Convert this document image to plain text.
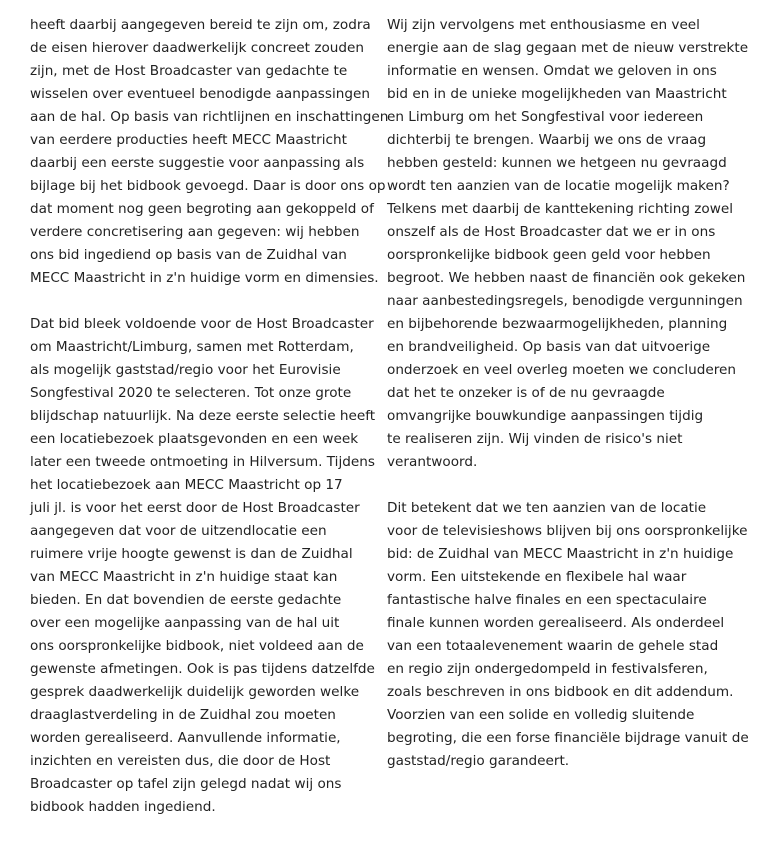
heeft daarbij aangegeven bereid te zijn om, zodra
de eisen hierover daadwerkelijk concreet zouden
zijn, met de Host Broadcaster van gedachte te
wisselen over eventueel benodigde aanpassingen
aan de hal. Op basis van richtlijnen en inschattingen
van eerdere producties heeft MECC Maastricht
daarbij een eerste suggestie voor aanpassing als
bijlage bij het bidbook gevoegd. Daar is door ons op
dat moment nog geen begroting aan gekoppeld of
verdere concretisering aan gegeven: wij hebben
ons bid ingediend op basis van de Zuidhal van
MECC Maastricht in z'n huidige vorm en dimensies.
Dat bid bleek voldoende voor de Host Broadcaster
om Maastricht/Limburg, samen met Rotterdam,
als mogelijk gaststad/regio voor het Eurovisie
Songfestival 2020 te selecteren. Tot onze grote
blijdschap natuurlijk. Na deze eerste selectie heeft
een locatiebezoek plaatsgevonden en een week
later een tweede ontmoeting in Hilversum. Tijdens
het locatiebezoek aan MECC Maastricht op 17
juli jl. is voor het eerst door de Host Broadcaster
aangegeven dat voor de uitzendlocatie een
ruimere vrije hoogte gewenst is dan de Zuidhal
van MECC Maastricht in z'n huidige staat kan
bieden. En dat bovendien de eerste gedachte
over een mogelijke aanpassing van de hal uit
ons oorspronkelijke bidbook, niet voldeed aan de
gewenste afmetingen. Ook is pas tijdens datzelfde
gesprek daadwerkelijk duidelijk geworden welke
draaglastverdeling in de Zuidhal zou moeten
worden gerealiseerd. Aanvullende informatie,
inzichten en vereisten dus, die door de Host
Broadcaster op tafel zijn gelegd nadat wij ons
bidbook hadden ingediend.
Wij zijn vervolgens met enthousiasme en veel
energie aan de slag gegaan met de nieuw verstrekte
informatie en wensen. Omdat we geloven in ons
bid en in de unieke mogelijkheden van Maastricht
en Limburg om het Songfestival voor iedereen
dichterbij te brengen. Waarbij we ons de vraag
hebben gesteld: kunnen we hetgeen nu gevraagd
wordt ten aanzien van de locatie mogelijk maken?
Telkens met daarbij de kanttekening richting zowel
onszelf als de Host Broadcaster dat we er in ons
oorspronkelijke bidbook geen geld voor hebben
begroot. We hebben naast de financiën ook gekeken
naar aanbestedingsregels, benodigde vergunningen
en bijbehorende bezwaarmogelijkheden, planning
en brandveiligheid. Op basis van dat uitvoerige
onderzoek en veel overleg moeten we concluderen
dat het te onzeker is of de nu gevraagde
omvangrijke bouwkundige aanpassingen tijdig
te realiseren zijn. Wij vinden de risico's niet
verantwoord.
Dit betekent dat we ten aanzien van de locatie
voor de televisieshows blijven bij ons oorspronkelijke
bid: de Zuidhal van MECC Maastricht in z'n huidige
vorm. Een uitstekende en flexibele hal waar
fantastische halve finales en een spectaculaire
finale kunnen worden gerealiseerd. Als onderdeel
van een totaalevenement waarin de gehele stad
en regio zijn ondergedompeld in festivalsferen,
zoals beschreven in ons bidbook en dit addendum.
Voorzien van een solide en volledig sluitende
begroting, die een forse financiële bijdrage vanuit de
gaststad/regio garandeert.
